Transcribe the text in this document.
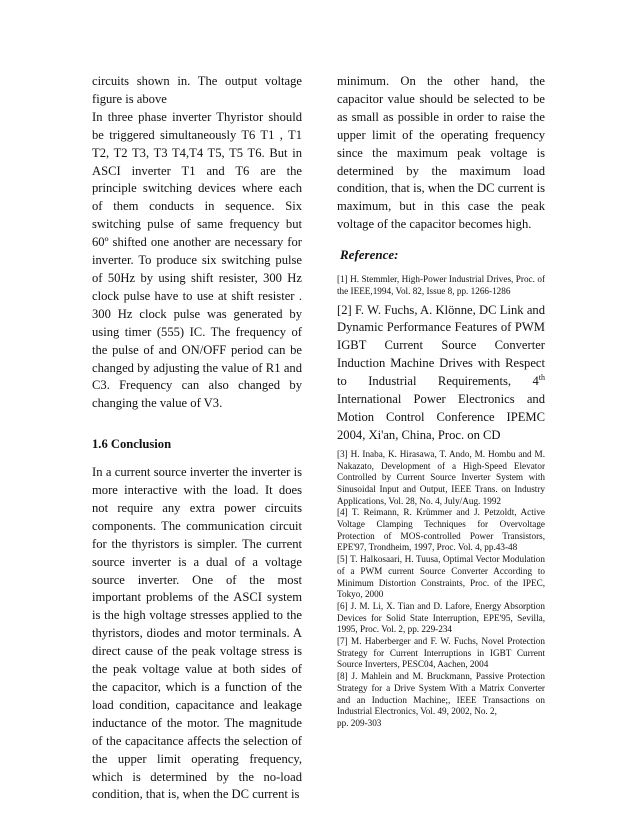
circuits shown in. The output voltage figure is above

In three phase inverter Thyristor should be triggered simultaneously T6 T1 , T1 T2, T2 T3, T3 T4,T4 T5, T5 T6. But in ASCI inverter T1 and T6 are the principle switching devices where each of them conducts in sequence. Six switching pulse of same frequency but 60º shifted one another are necessary for inverter. To produce six switching pulse of 50Hz by using shift resister, 300 Hz clock pulse have to use at shift resister . 300 Hz clock pulse was generated by using timer (555) IC. The frequency of the pulse of and ON/OFF period can be changed by adjusting the value of R1 and C3. Frequency can also changed by changing the value of V3.

1.6 Conclusion

In a current source inverter the inverter is more interactive with the load. It does not require any extra power circuits components. The communication circuit for the thyristors is simpler. The current source inverter is a dual of a voltage source inverter. One of the most important problems of the ASCI system is the high voltage stresses applied to the thyristors, diodes and motor terminals. A direct cause of the peak voltage stress is the peak voltage value at both sides of the capacitor, which is a function of the load condition, capacitance and leakage inductance of the motor. The magnitude of the capacitance affects the selection of the upper limit operating frequency, which is determined by the no-load condition, that is, when the DC current is

minimum. On the other hand, the capacitor value should be selected to be as small as possible in order to raise the upper limit of the operating frequency since the maximum peak voltage is determined by the maximum load condition, that is, when the DC current is maximum, but in this case the peak voltage of the capacitor becomes high.

Reference:

[1] H. Stemmler, High-Power Industrial Drives, Proc. of the IEEE,1994, Vol. 82, Issue 8, pp. 1266-1286

[2] F. W. Fuchs, A. Klönne, DC Link and Dynamic Performance Features of PWM IGBT Current Source Converter Induction Machine Drives with Respect to Industrial Requirements, 4th International Power Electronics and Motion Control Conference IPEMC 2004, Xi'an, China, Proc. on CD

[3] H. Inaba, K. Hirasawa, T. Ando, M. Hombu and M. Nakazato, Development of a High-Speed Elevator Controlled by Current Source Inverter System with Sinusoidal Input and Output, IEEE Trans. on Industry Applications, Vol. 28, No. 4, July/Aug. 1992

[4] T. Reimann, R. Krümmer and J. Petzoldt, Active Voltage Clamping Techniques for Overvoltage Protection of MOS-controlled Power Transistors, EPE'97, Trondheim, 1997, Proc. Vol. 4, pp.43-48

[5] T. Halkosaari, H. Tuusa, Optimal Vector Modulation of a PWM current Source Converter According to Minimum Distortion Constraints, Proc. of the IPEC, Tokyo, 2000

[6] J. M. Li, X. Tian and D. Lafore, Energy Absorption Devices for Solid State Interruption, EPE'95, Sevilla, 1995, Proc. Vol. 2, pp. 229-234

[7] M. Haberberger and F. W. Fuchs, Novel Protection Strategy for Current Interruptions in IGBT Current Source Inverters, PESC04, Aachen, 2004

[8] J. Mahlein and M. Bruckmann, Passive Protection Strategy for a Drive System With a Matrix Converter and an Induction Machine;, IEEE Transactions on Industrial Electronics, Vol. 49, 2002, No. 2,

pp. 209-303
